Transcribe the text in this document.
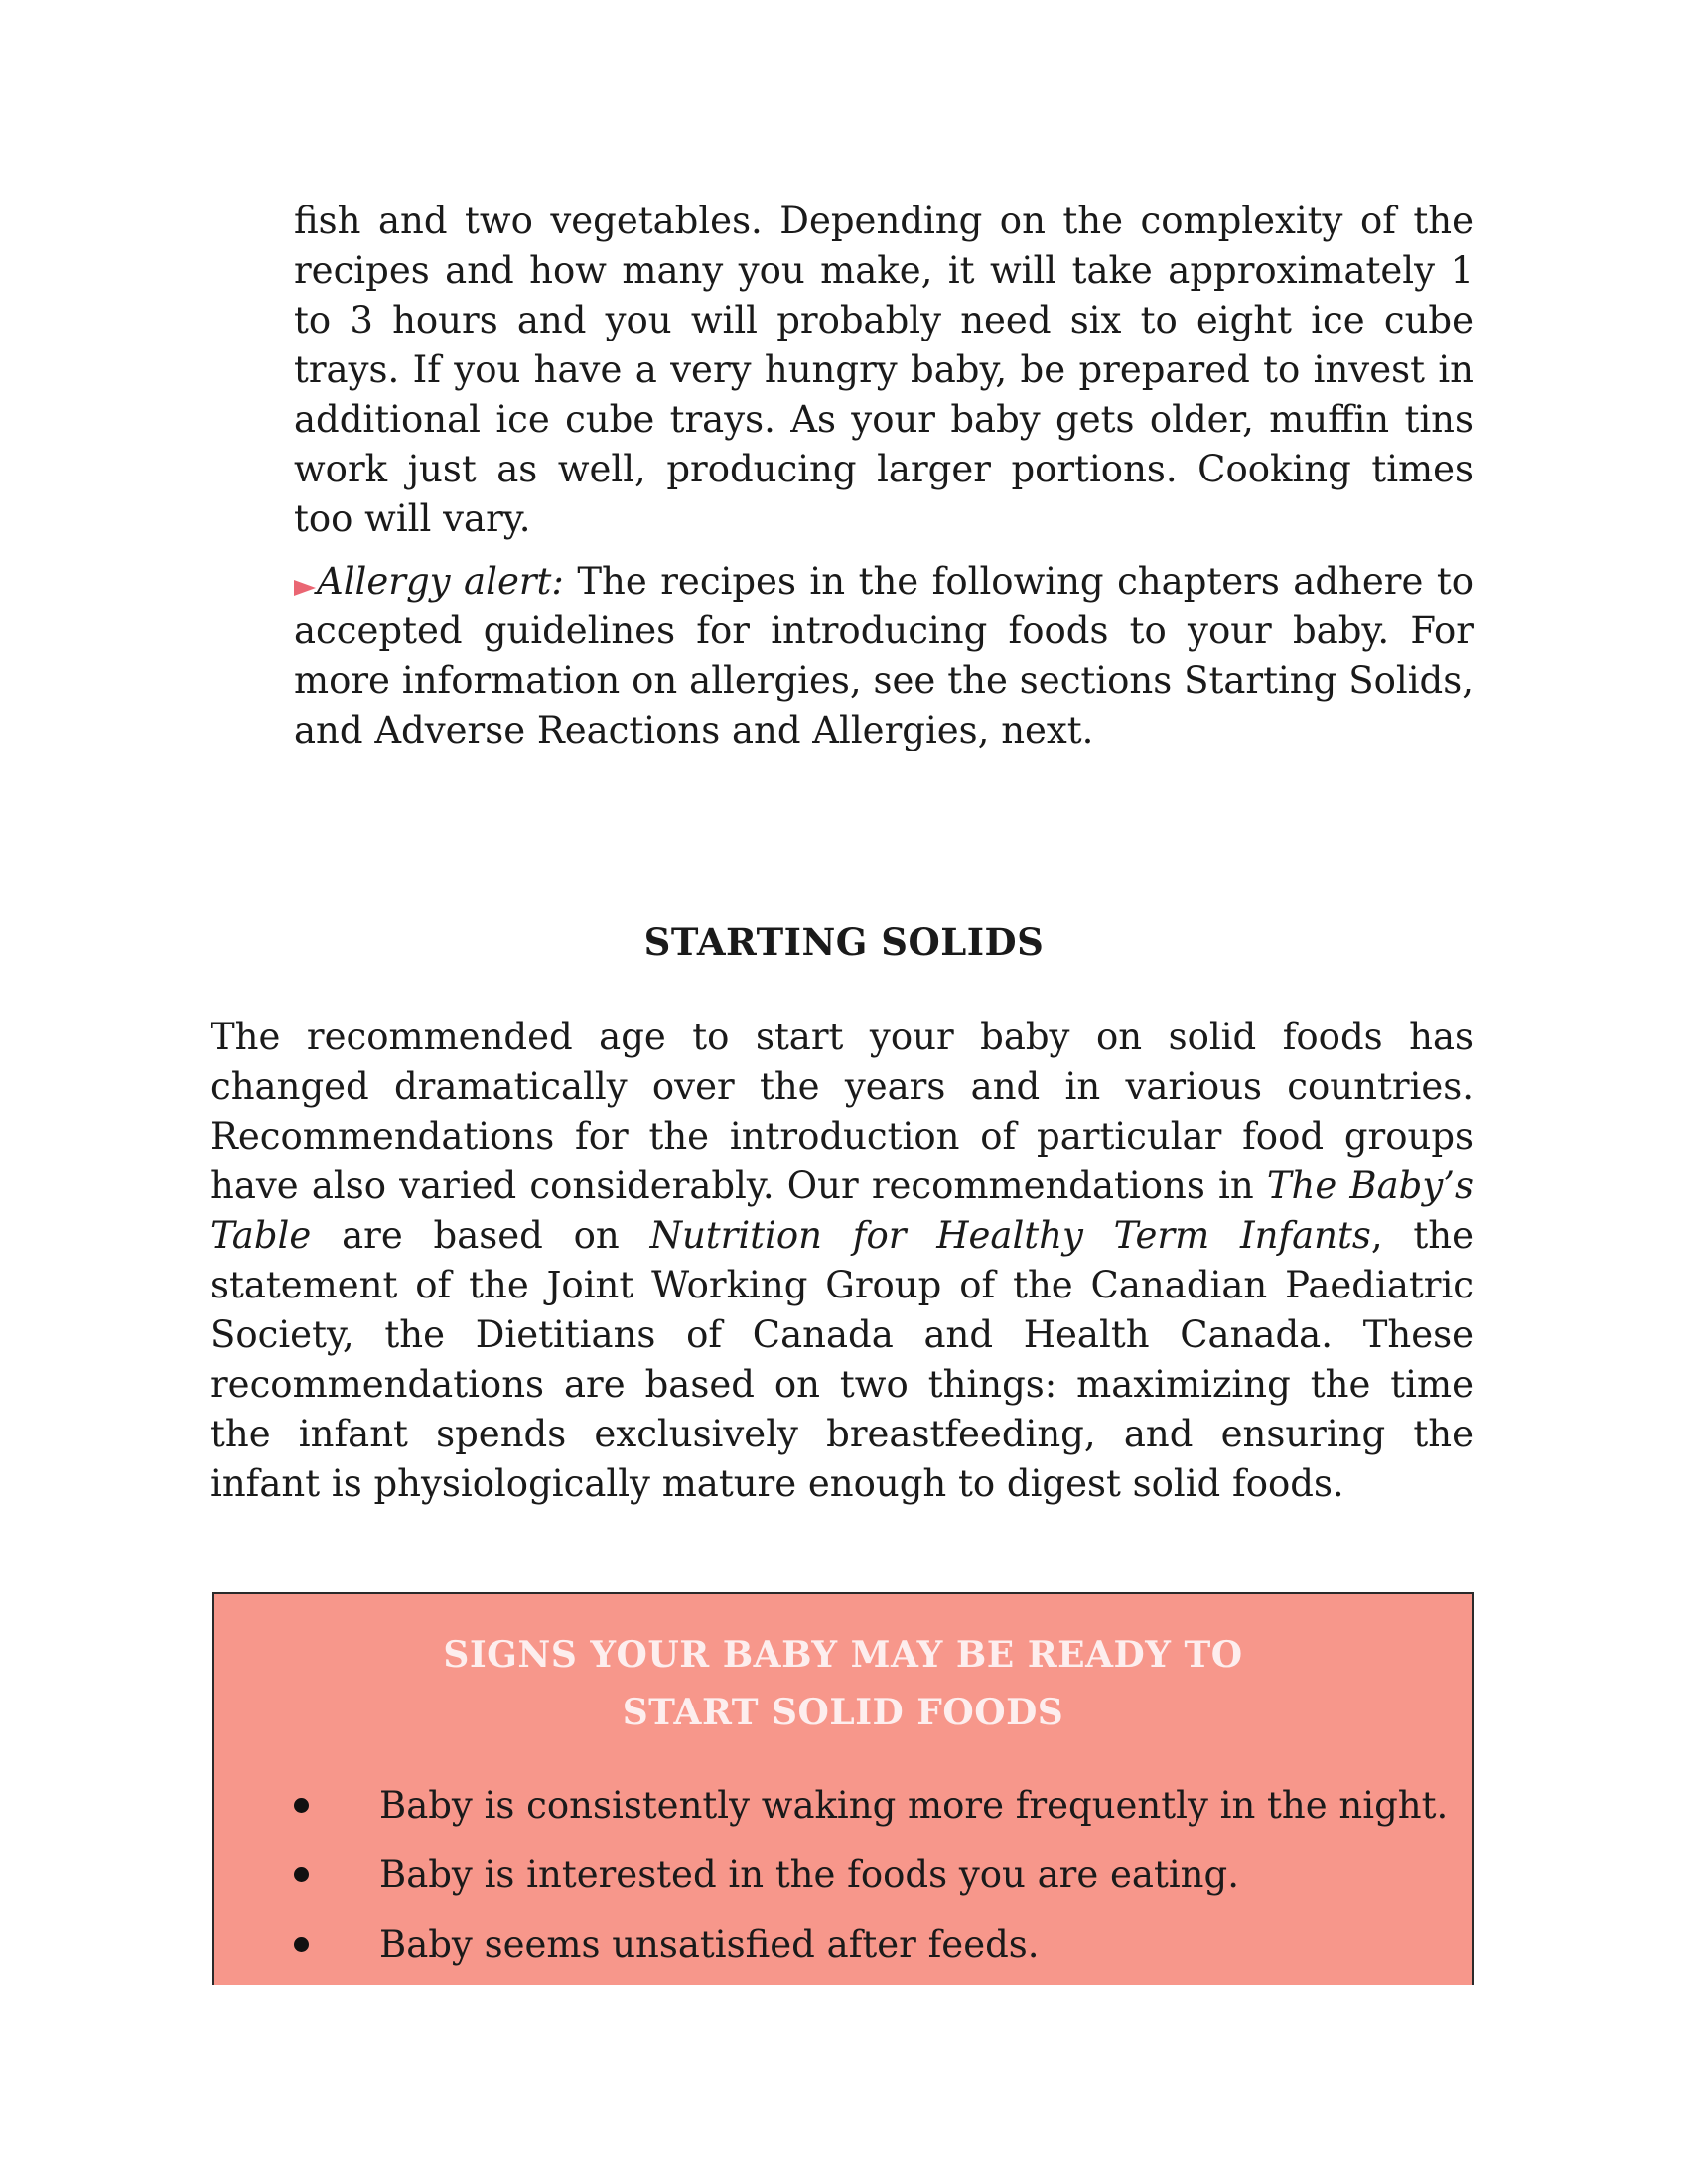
fish and two vegetables. Depending on the complexity of the recipes and how many you make, it will take approximately 1 to 3 hours and you will probably need six to eight ice cube trays. If you have a very hungry baby, be prepared to invest in additional ice cube trays. As your baby gets older, muffin tins work just as well, producing larger portions. Cooking times too will vary.

Allergy alert: The recipes in the following chapters adhere to accepted guidelines for introducing foods to your baby. For more information on allergies, see the sections Starting Solids, and Adverse Reactions and Allergies, next.

STARTING SOLIDS

The recommended age to start your baby on solid foods has changed dramatically over the years and in various countries. Recommendations for the introduction of particular food groups have also varied considerably. Our recommendations in The Baby’s Table are based on Nutrition for Healthy Term Infants, the statement of the Joint Working Group of the Canadian Paediatric Society, the Dietitians of Canada and Health Canada. These recommendations are based on two things: maximizing the time the infant spends exclusively breastfeeding, and ensuring the infant is physiologically mature enough to digest solid foods.

SIGNS YOUR BABY MAY BE READY TO
START SOLID FOODS
Baby is consistently waking more frequently in the night.
Baby is interested in the foods you are eating.
Baby seems unsatisfied after feeds.
